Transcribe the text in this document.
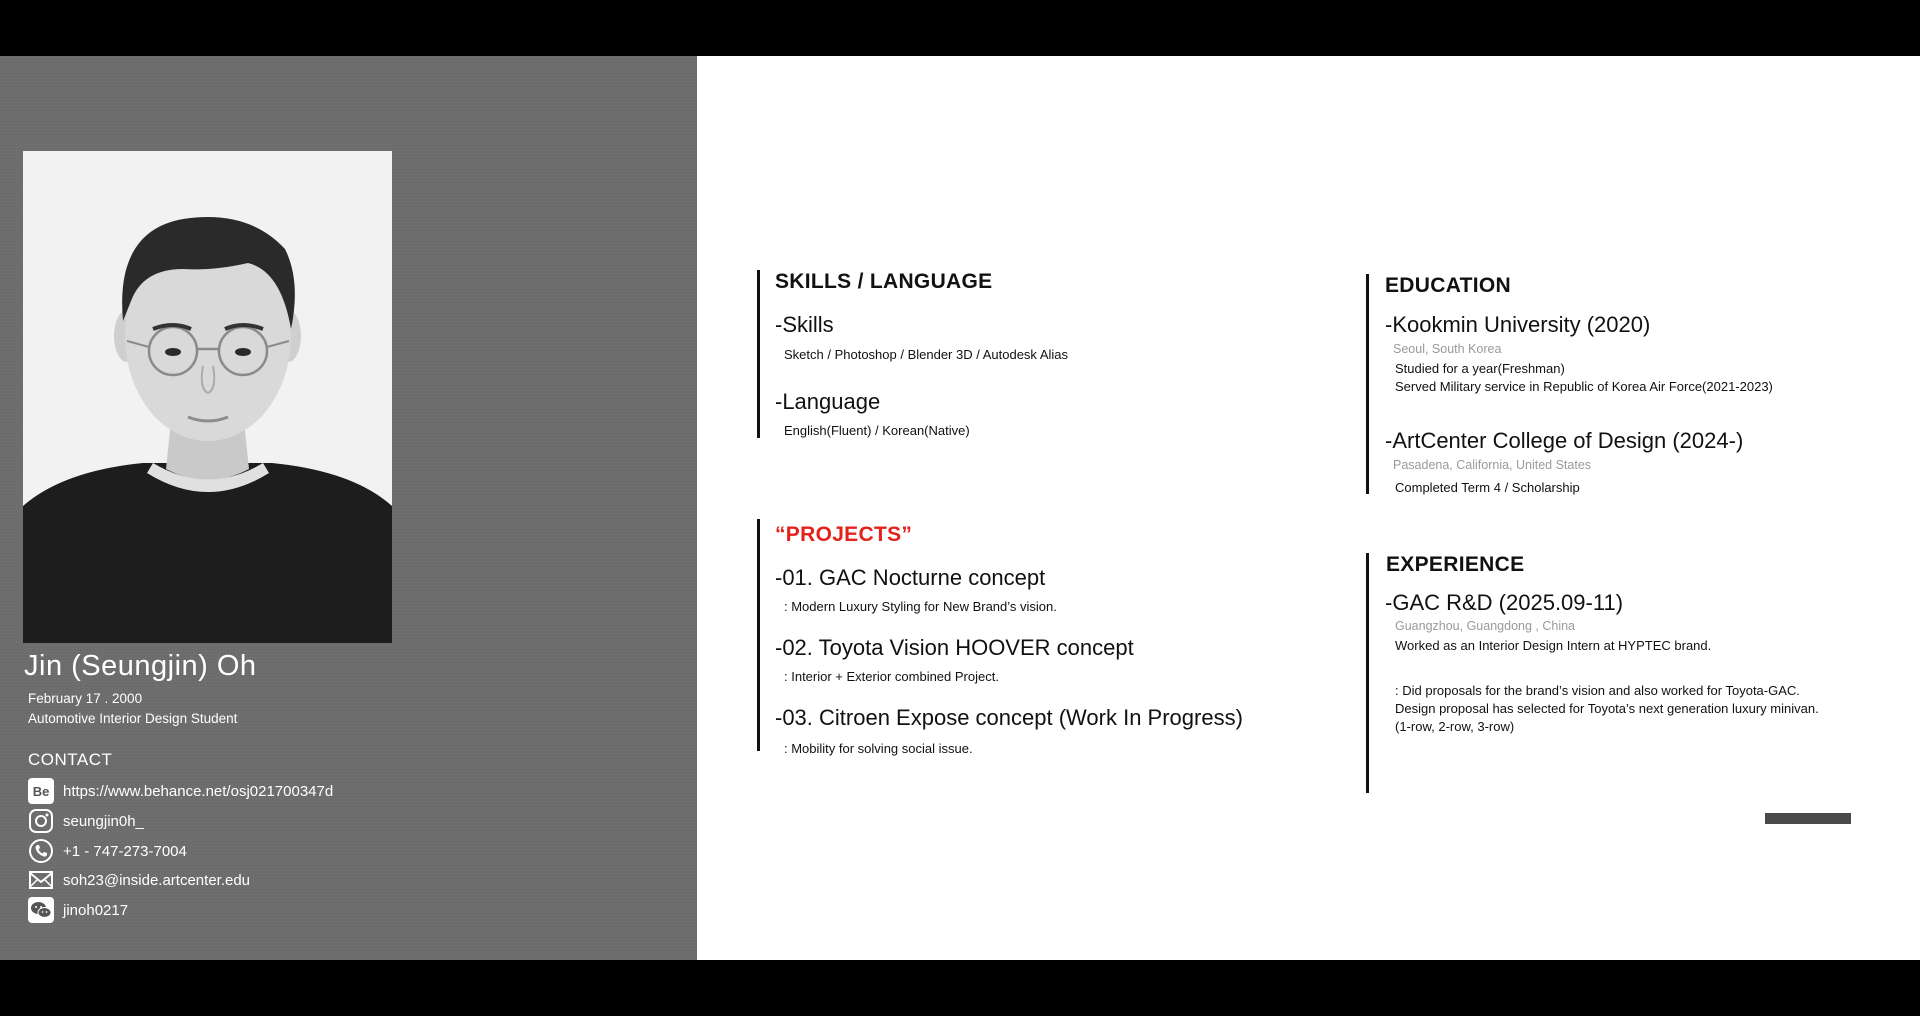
Jin (Seungjin) Oh
February 17 . 2000
Automotive Interior Design Student
CONTACT
Be https://www.behance.net/osj021700347d
seungjin0h_
+1 - 747-273-7004
soh23@inside.artcenter.edu
jinoh0217
SKILLS / LANGUAGE
-Skills
Sketch / Photoshop / Blender 3D / Autodesk Alias
-Language
English(Fluent) / Korean(Native)
“PROJECTS”
-01. GAC Nocturne concept
: Modern Luxury Styling for New Brand’s vision.
-02. Toyota Vision HOOVER concept
: Interior + Exterior combined Project.
-03. Citroen Expose concept (Work In Progress)
: Mobility for solving social issue.
EDUCATION
-Kookmin University (2020)
Seoul, South Korea
Studied for a year(Freshman)
Served Military service in Republic of Korea Air Force(2021-2023)
-ArtCenter College of Design (2024-)
Pasadena, California, United States
Completed Term 4 / Scholarship
EXPERIENCE
-GAC R&D (2025.09-11)
Guangzhou, Guangdong , China
Worked as an Interior Design Intern at HYPTEC brand.
: Did proposals for the brand’s vision and also worked for Toyota-GAC.
Design proposal has selected for Toyota’s next generation luxury minivan.
(1-row, 2-row, 3-row)
